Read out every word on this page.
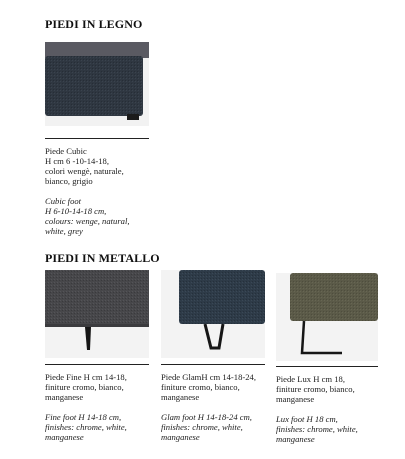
PIEDI IN LEGNO
Piede Cubic
H cm 6 -10-14-18,
colori wengè, naturale,
bianco, grigio
Cubic foot
H 6-10-14-18 cm,
colours: wenge, natural,
white, grey
PIEDI IN METALLO
Piede Fine H cm 14-18,
finiture cromo, bianco,
manganese
Fine foot H 14-18 cm,
finishes: chrome, white,
manganese
Piede GlamH cm 14-18-24,
finiture cromo, bianco,
manganese
Glam foot H 14-18-24 cm,
finishes: chrome, white,
manganese
Piede Lux H cm 18,
finiture cromo, bianco,
manganese
Lux foot H 18 cm,
finishes: chrome, white,
manganese
